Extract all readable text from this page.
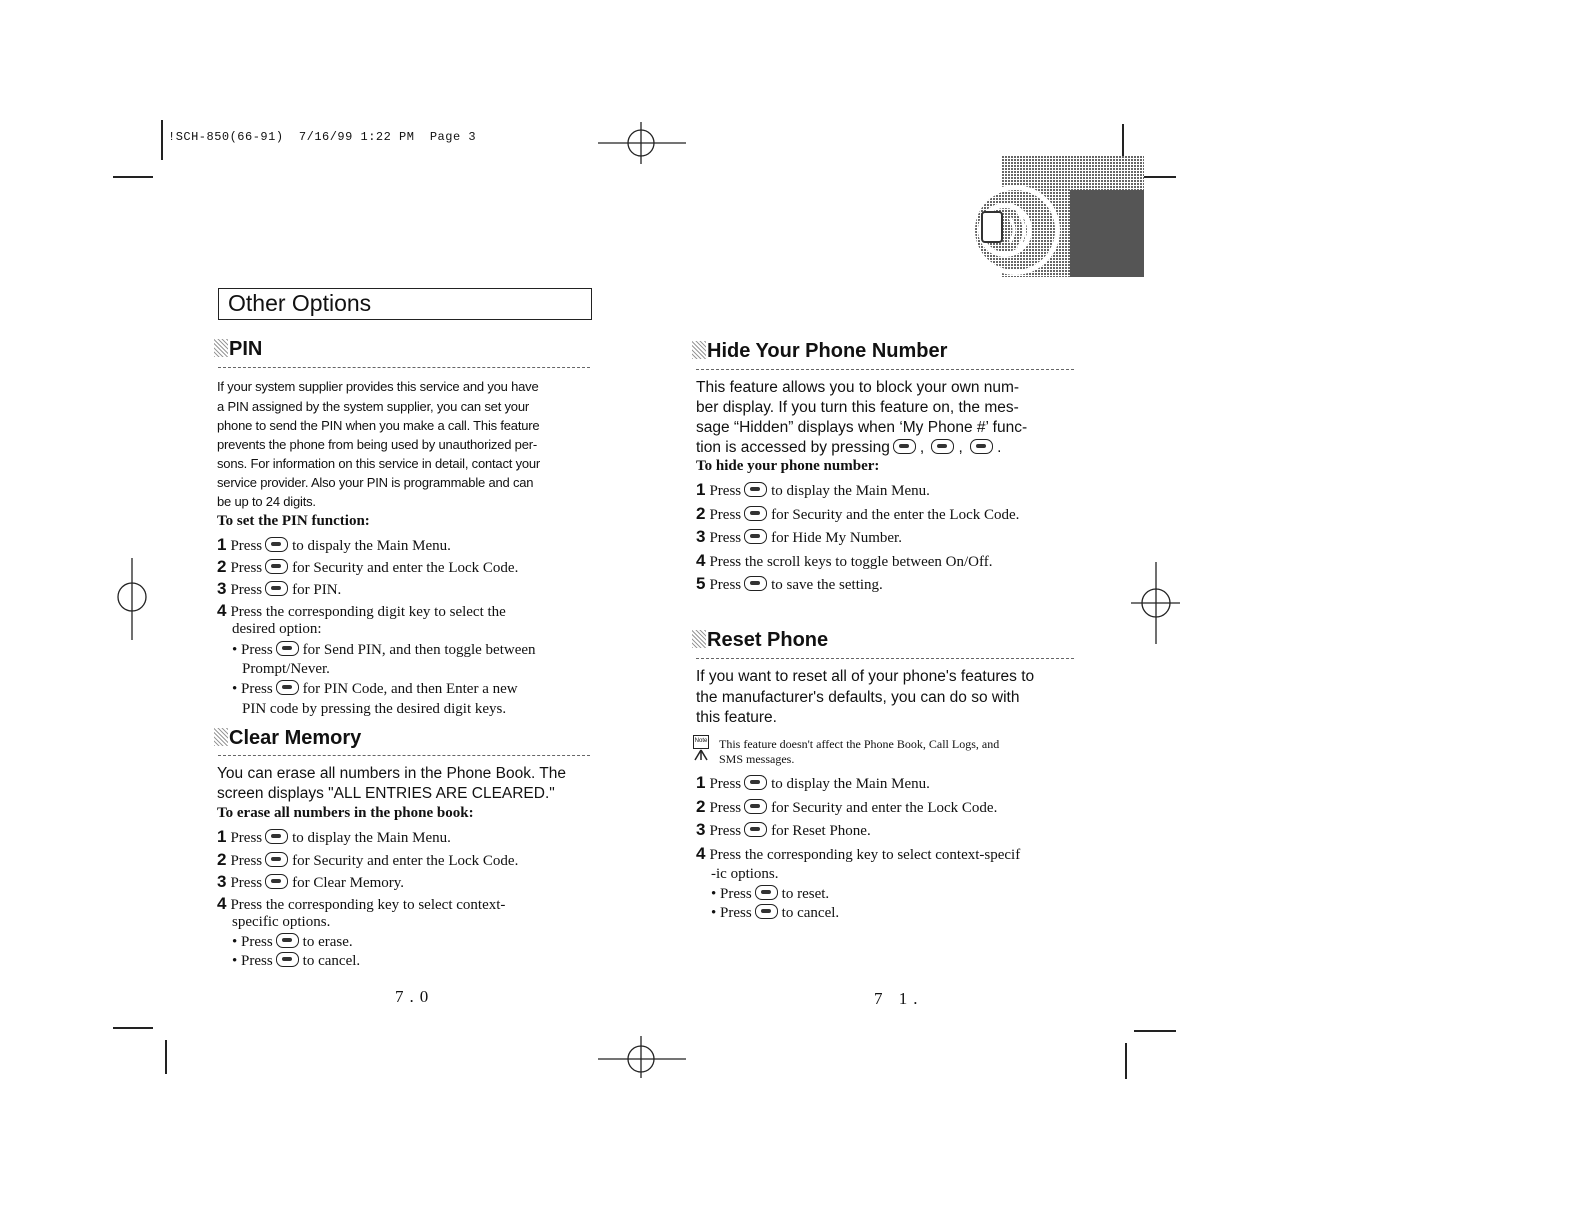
!SCH-850(66-91)  7/16/99 1:22 PM  Page 3
Other Options
PIN

If your system supplier provides this service and you have

a PIN assigned by the system supplier, you can set your

phone to send the PIN when you make a call. This feature

prevents the phone from being used by unauthorized per-

sons. For information on this service in detail, contact your

service provider. Also your PIN is programmable and can

be up to 24 digits.

To set the PIN function:
1 Press to dispaly the Main Menu.
2 Press for Security and enter the Lock Code.
3 Press for PIN.
4 Press the corresponding digit key to select the
desired option:
• Press for Send PIN, and then toggle between
Prompt/Never.
• Press for PIN Code, and then Enter a new
PIN code by pressing the desired digit keys.
Clear Memory

You can erase all numbers in the Phone Book. The

screen displays "ALL ENTRIES ARE CLEARED."

To erase all numbers in the phone book:
1 Press to display the Main Menu.
2 Press for Security and enter the Lock Code.
3 Press for Clear Memory.
4 Press the corresponding key to select context-
specific options.
• Press to erase.
• Press to cancel.
7.0
Hide Your Phone Number

This feature allows you to block your own num-

ber display. If you turn this feature on, the mes-

sage “Hidden” displays when ‘My Phone #’ func-

tion is accessed by pressing , , .
To hide your phone number:
1 Press to display the Main Menu.
2 Press for Security and the enter the Lock Code.
3 Press for Hide My Number.
4 Press the scroll keys to toggle between On/Off.
5 Press to save the setting.
Reset Phone

If you want to reset all of your phone's features to

the manufacturer's defaults, you can do so with

this feature.

Note This feature doesn't affect the Phone Book, Call Logs, and
SMS messages.
1 Press to display the Main Menu.
2 Press for Security and enter the Lock Code.
3 Press for Reset Phone.
4 Press the corresponding key to select context-specif
-ic options.
• Press to reset.
• Press to cancel.
7 1.
